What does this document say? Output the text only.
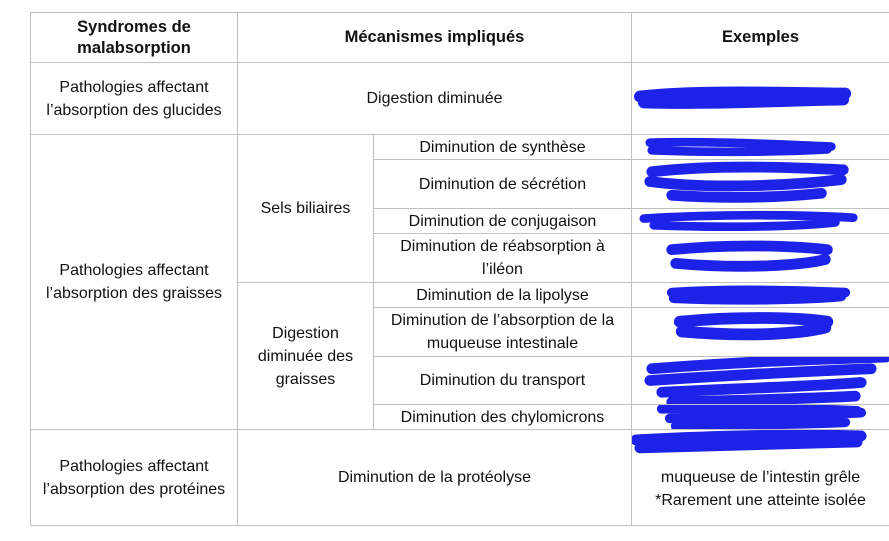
Syndromes de malabsorption	Mécanismes impliqués		Exemples
Pathologies affectant l’absorption des glucides	Digestion diminuée	

Pathologies affectant l’absorption des graisses	Sels biliaires	Diminution de synthèse	

		Diminution de sécrétion	

		Diminution de conjugaison	

		Diminution de réabsorption à l’iléon	

	Digestion diminuée des graisses	Diminution de la lipolyse	

		Diminution de l’absorption de la muqueuse intestinale	

		Diminution du transport	

		Diminution des chylomicrons	

Pathologies affectant l’absorption des protéines	Diminution de la protéolyse		muqueuse de l’intestin grêle
*Rarement une atteinte isolée
